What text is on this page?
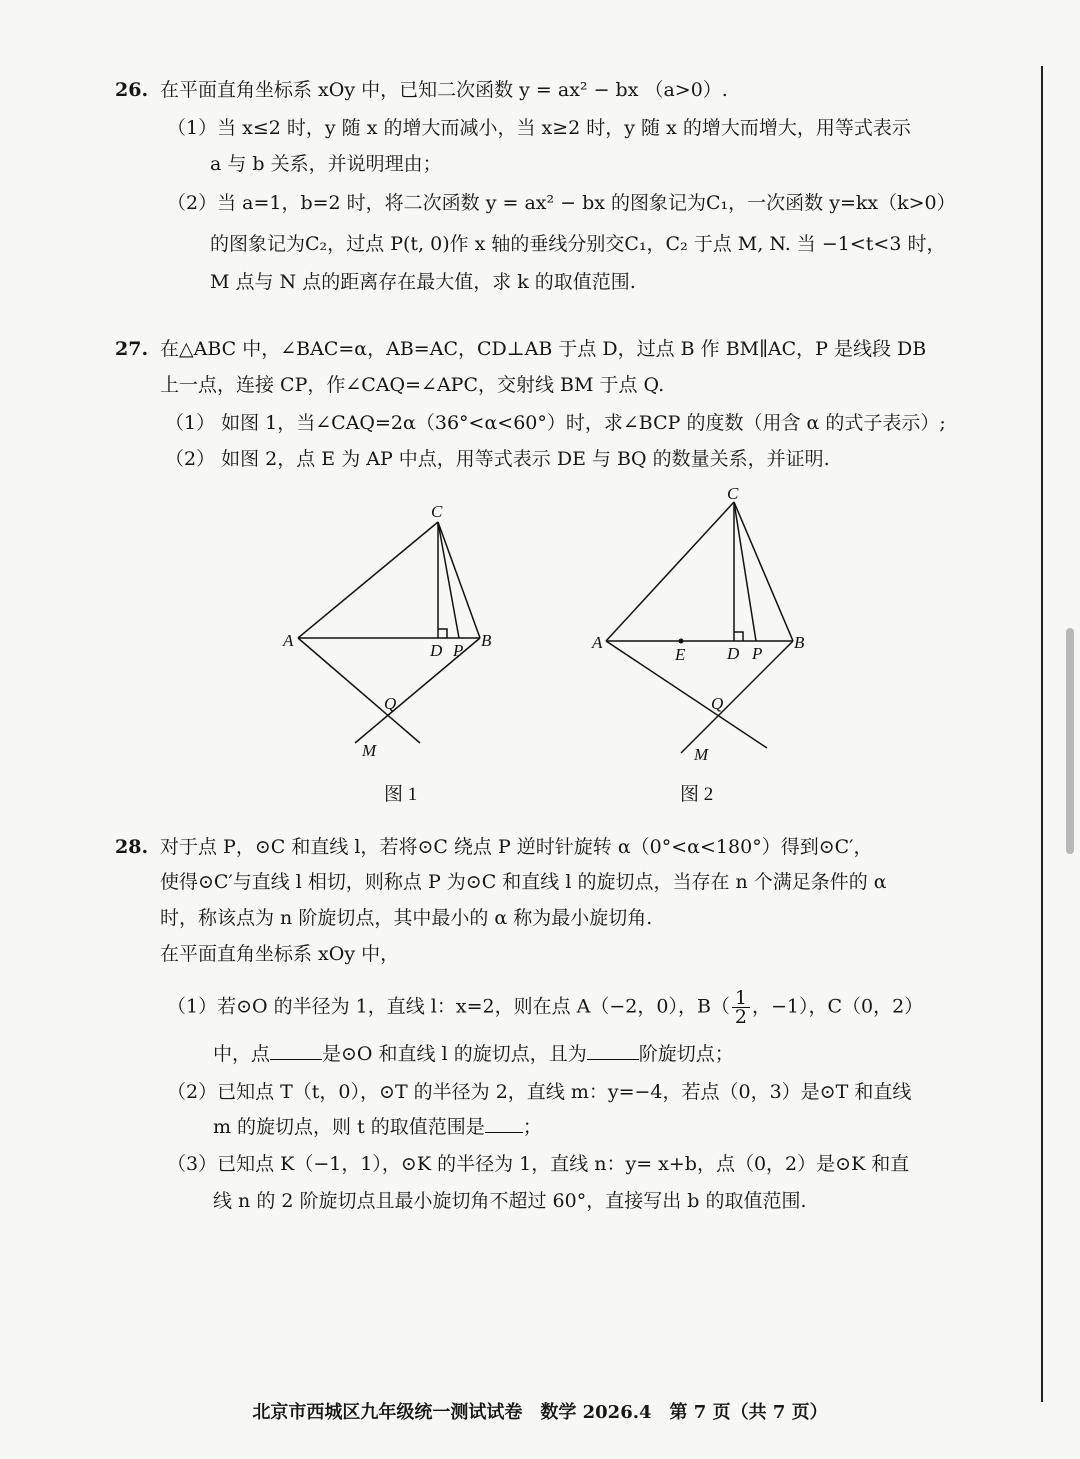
26. 在平面直角坐标系 xOy 中，已知二次函数 y = ax² − bx （a>0）.
（1）当 x≤2 时，y 随 x 的增大而减小，当 x≥2 时，y 随 x 的增大而增大，用等式表示
a 与 b 关系，并说明理由；
（2）当 a=1，b=2 时，将二次函数 y = ax² − bx 的图象记为C₁，一次函数 y=kx（k>0）
的图象记为C₂，过点 P(t, 0)作 x 轴的垂线分别交C₁，C₂ 于点 M, N. 当 −1<t<3 时，
M 点与 N 点的距离存在最大值，求 k 的取值范围.
27. 在△ABC 中，∠BAC=α，AB=AC，CD⊥AB 于点 D，过点 B 作 BM∥AC，P 是线段 DB
上一点，连接 CP，作∠CAQ=∠APC，交射线 BM 于点 Q.
（1） 如图 1，当∠CAQ=2α（36°<α<60°）时，求∠BCP 的度数（用含 α 的式子表示）;
（2） 如图 2，点 E 为 AP 中点，用等式表示 DE 与 BQ 的数量关系，并证明.
C
A	B
D P
Q
M
图 1
C
A	B
E D P
Q
M
图 2
28. 对于点 P，⊙C 和直线 l，若将⊙C 绕点 P 逆时针旋转 α（0°<α<180°）得到⊙C′，
使得⊙C′与直线 l 相切，则称点 P 为⊙C 和直线 l 的旋切点，当存在 n 个满足条件的 α
时，称该点为 n 阶旋切点，其中最小的 α 称为最小旋切角.
在平面直角坐标系 xOy 中，
（1）若⊙O 的半径为 1，直线 l：x=2，则在点 A（−2，0），$B( \frac{1}{2}$ ，−1），C（0，2）
中，点	是⊙O 和直线 l 的旋切点，且为	阶旋切点；
（2）已知点 T（t，0），⊙T 的半径为 2，直线 m：y=−4，若点（0，3）是⊙T 和直线
m 的旋切点，则 t 的取值范围是 ；
（3）已知点 K（−1，1），⊙K 的半径为 1，直线 n：y= x+b，点（0，2）是⊙K 和直
线 n 的 2 阶旋切点且最小旋切角不超过 60°，直接写出 b 的取值范围.
北京市西城区九年级统一测试试卷　数学 2026.4　第 7 页（共 7 页）
